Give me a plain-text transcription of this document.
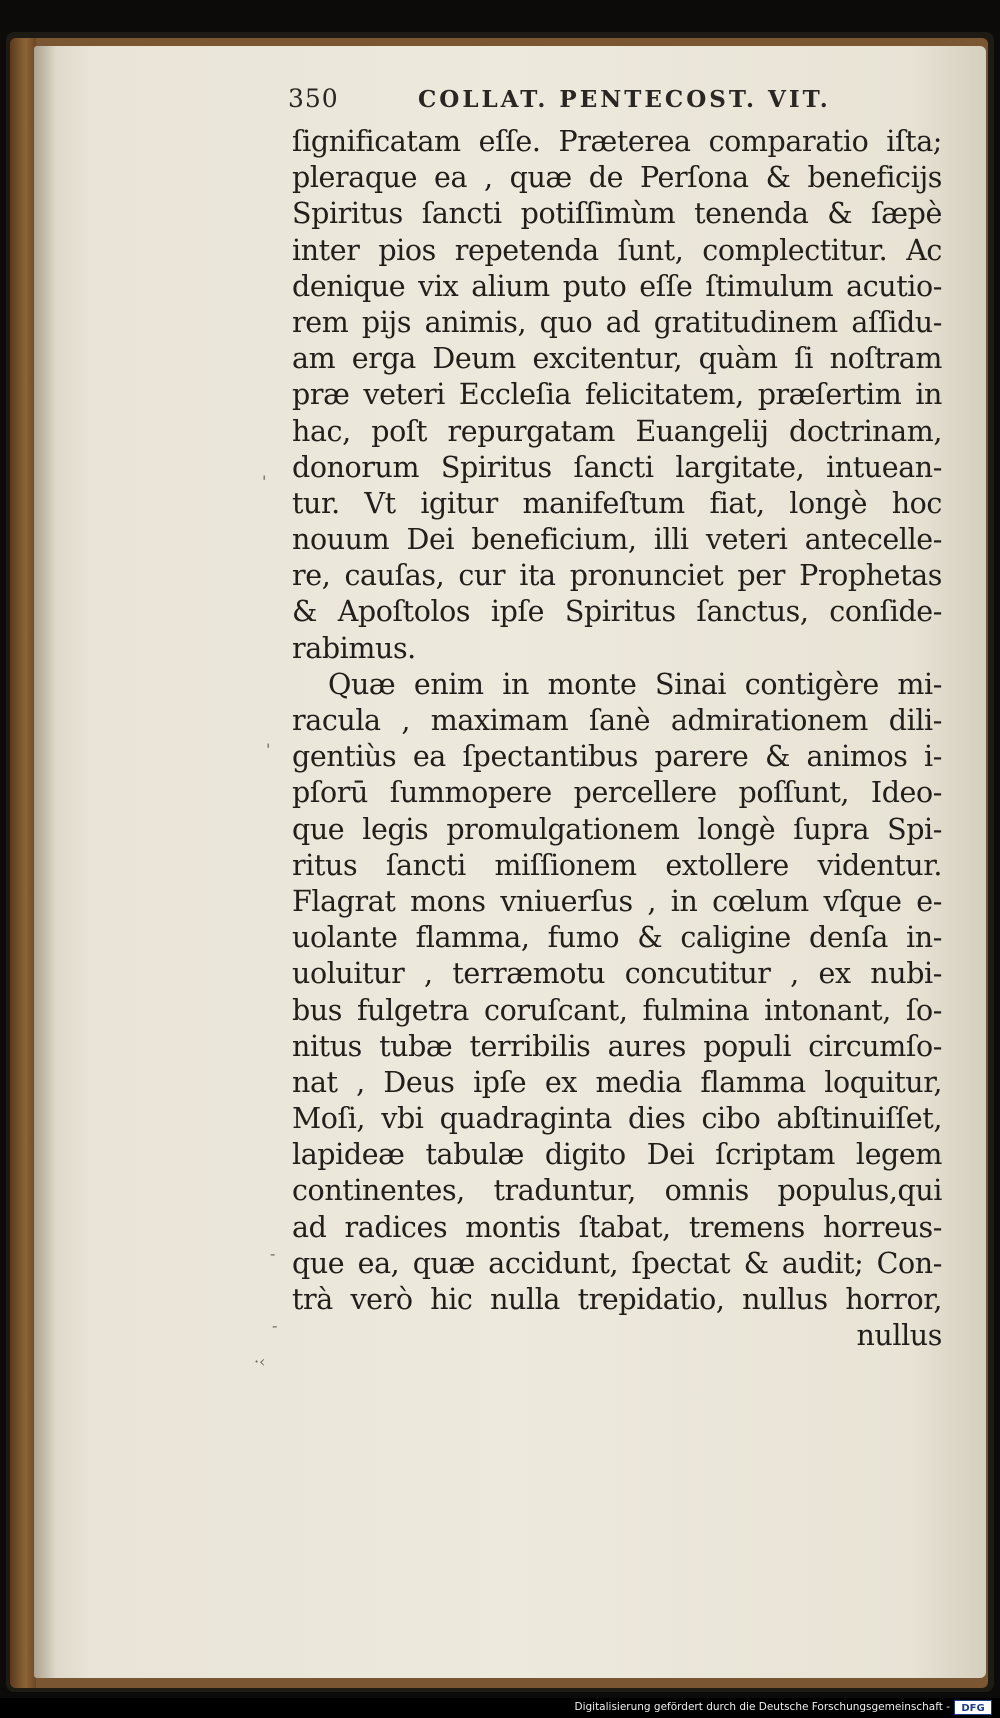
350	COLLAT. PENTECOST. VIT.
ſignificatam eſſe. Præterea comparatio iſta;
pleraque ea , quæ de Perſona & beneficijs
Spiritus ſancti potiſſimùm tenenda & ſæpè
inter pios repetenda ſunt, complectitur. Ac
denique vix alium puto eſſe ſtimulum acutio-
rem pijs animis, quo ad gratitudinem aſſidu-
am erga Deum excitentur, quàm ſi noſtram
præ veteri Eccleſia felicitatem, præſertim in
hac, poſt repurgatam Euangelij doctrinam,
donorum Spiritus ſancti largitate, intuean-
tur. Vt igitur manifeſtum fiat, longè hoc
nouum Dei beneficium, illi veteri antecelle-
re, cauſas, cur ita pronunciet per Prophetas
& Apoſtolos ipſe Spiritus ſanctus, conſide-
rabimus.
Quæ enim in monte Sinai contigère mi-
racula , maximam ſanè admirationem dili-
gentiùs ea ſpectantibus parere & animos i-
pſorū ſummopere percellere poſſunt, Ideo-
que legis promulgationem longè ſupra Spi-
ritus ſancti miſſionem extollere videntur.
Flagrat mons vniuerſus , in cœlum vſque e-
uolante flamma, fumo & caligine denſa in-
uoluitur , terræmotu concutitur , ex nubi-
bus fulgetra coruſcant, fulmina intonant, ſo-
nitus tubæ terribilis aures populi circumſo-
nat , Deus ipſe ex media flamma loquitur,
Moſi, vbi quadraginta dies cibo abſtinuiſſet,
lapideæ tabulæ digito Dei ſcriptam legem
continentes, traduntur, omnis populus,qui
ad radices montis ſtabat, tremens horreus-
que ea, quæ accidunt, ſpectat & audit; Con-
trà verò hic nulla trepidatio, nullus horror,
nullus
'
'
-
-
·‹
Digitalisierung gefördert durch die Deutsche Forschungsgemeinschaft -	DFG
